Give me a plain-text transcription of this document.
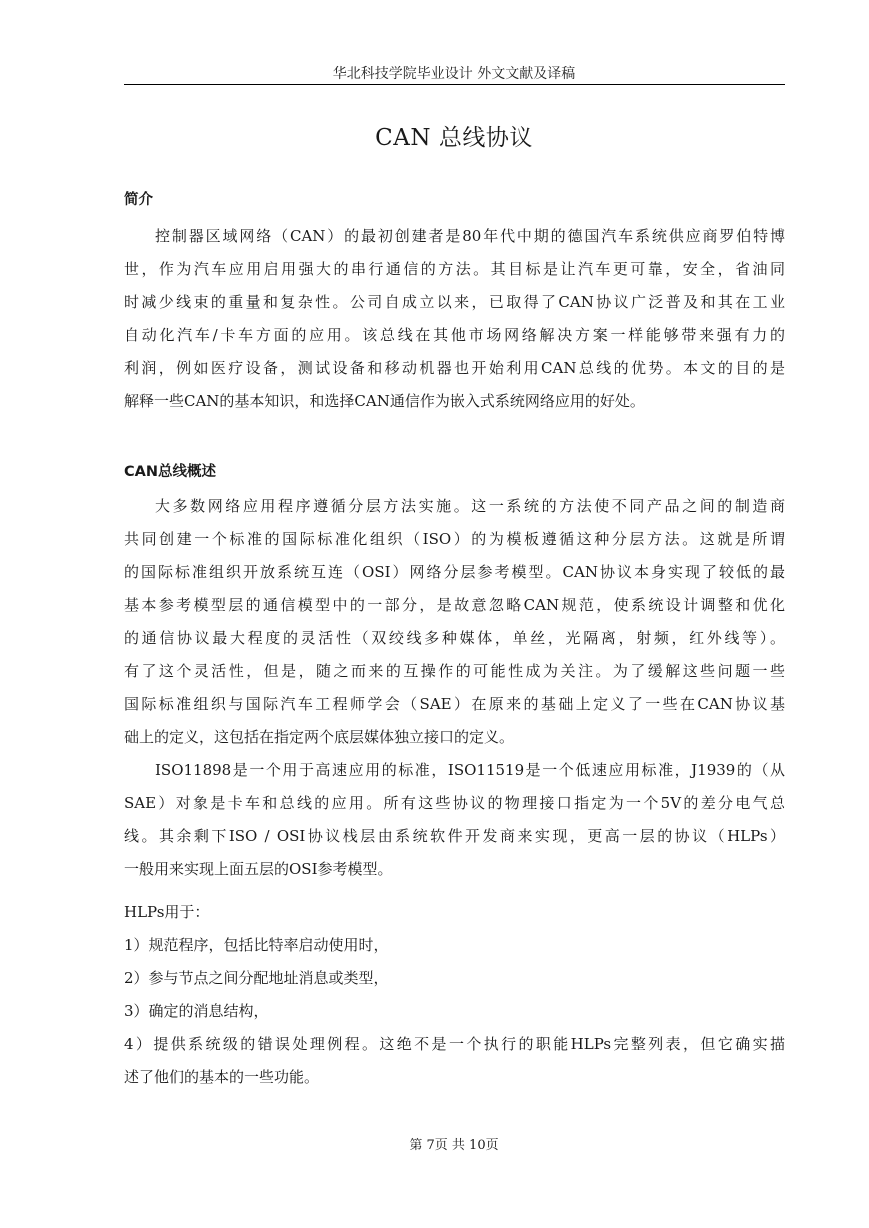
华北科技学院毕业设计 外文文献及译稿
CAN 总线协议
简介
控制器区域网络（CAN）的最初创建者是80年代中期的德国汽车系统供应商罗伯特博
世，作为汽车应用启用强大的串行通信的方法。其目标是让汽车更可靠，安全，省油同
时减少线束的重量和复杂性。公司自成立以来，已取得了CAN协议广泛普及和其在工业
自动化汽车/卡车方面的应用。该总线在其他市场网络解决方案一样能够带来强有力的
利润，例如医疗设备，测试设备和移动机器也开始利用CAN总线的优势。本文的目的是
解释一些CAN的基本知识，和选择CAN通信作为嵌入式系统网络应用的好处。
CAN总线概述
大多数网络应用程序遵循分层方法实施。这一系统的方法使不同产品之间的制造商
共同创建一个标准的国际标准化组织（ISO）的为模板遵循这种分层方法。这就是所谓
的国际标准组织开放系统互连（OSI）网络分层参考模型。CAN协议本身实现了较低的最
基本参考模型层的通信模型中的一部分，是故意忽略CAN规范，使系统设计调整和优化
的通信协议最大程度的灵活性（双绞线多种媒体，单丝，光隔离，射频，红外线等）。
有了这个灵活性，但是，随之而来的互操作的可能性成为关注。为了缓解这些问题一些
国际标准组织与国际汽车工程师学会（SAE）在原来的基础上定义了一些在CAN协议基
础上的定义，这包括在指定两个底层媒体独立接口的定义。
ISO11898是一个用于高速应用的标准，ISO11519是一个低速应用标准，J1939的（从
SAE）对象是卡车和总线的应用。所有这些协议的物理接口指定为一个5V的差分电气总
线。其余剩下ISO / OSI协议栈层由系统软件开发商来实现，更高一层的协议（HLPs）
一般用来实现上面五层的OSI参考模型。
HLPs用于：
1）规范程序，包括比特率启动使用时，
2）参与节点之间分配地址消息或类型，
3）确定的消息结构，
4）提供系统级的错误处理例程。这绝不是一个执行的职能HLPs完整列表，但它确实描
述了他们的基本的一些功能。
第 7页 共 10页
